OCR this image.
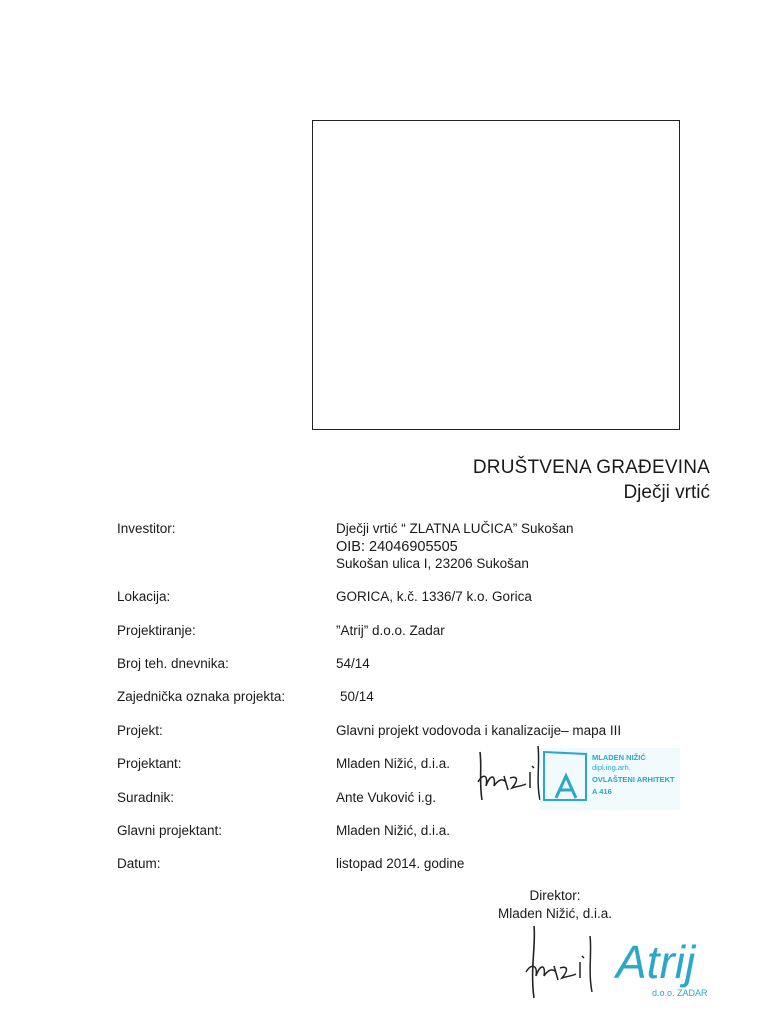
DRUŠTVENA GRAĐEVINA
Dječji vrtić
Investitor:	Dječji vrtić “ ZLATNA LUČICA” Sukošan
OIB: 24046905505
Sukošan ulica I, 23206 Sukošan
Lokacija:	GORICA, k.č. 1336/7 k.o. Gorica
Projektiranje:	”Atrij” d.o.o. Zadar
Broj teh. dnevnika:	54/14
Zajednička oznaka projekta:	50/14
Projekt:	Glavni projekt vodovoda i kanalizacije– mapa III
Projektant:	Mladen Nižić, d.i.a.
Suradnik:	Ante Vuković i.g.
Glavni projektant:	Mladen Nižić, d.i.a.
Datum:	listopad 2014. godine
MLADEN NIŽIĆ
dipl.ing.arh.
OVLAŠTENI ARHITEKT
A 416
Direktor:
Mladen Nižić, d.i.a.
Atrij
d.o.o. ZADAR
